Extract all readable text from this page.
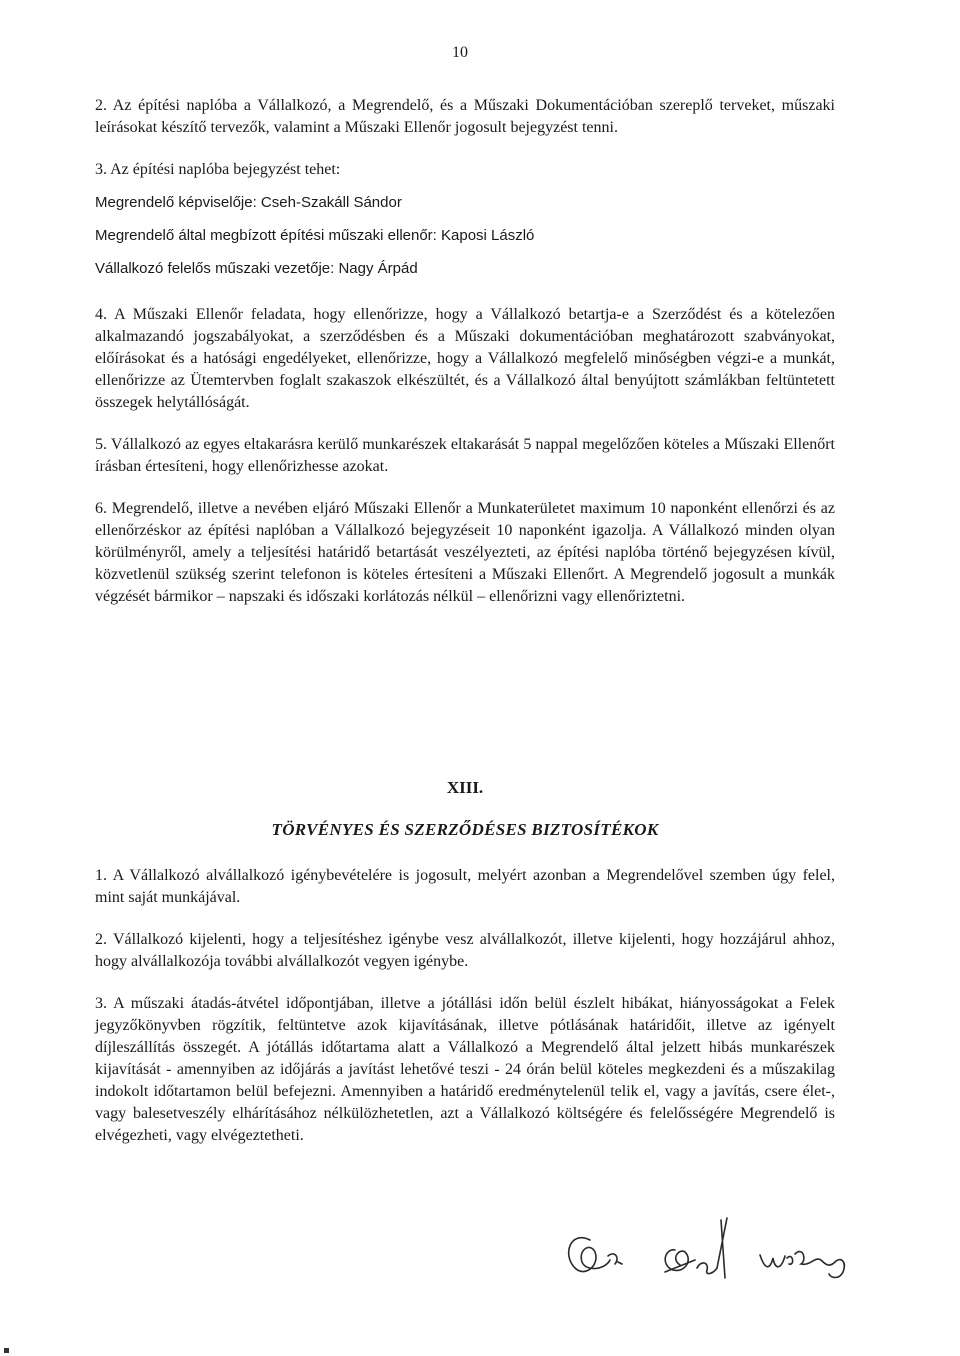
10

2. Az építési naplóba a Vállalkozó, a Megrendelő, és a Műszaki Dokumentációban szereplő terveket, műszaki leírásokat készítő tervezők, valamint a Műszaki Ellenőr jogosult bejegyzést tenni.

3. Az építési naplóba bejegyzést tehet:
Megrendelő képviselője: Cseh-Szakáll Sándor
Megrendelő által megbízott építési műszaki ellenőr: Kaposi László
Vállalkozó felelős műszaki vezetője: Nagy Árpád

4. A Műszaki Ellenőr feladata, hogy ellenőrizze, hogy a Vállalkozó betartja-e a Szerződést és a kötelezően alkalmazandó jogszabályokat, a szerződésben és a Műszaki dokumentációban meghatározott szabványokat, előírásokat és a hatósági engedélyeket, ellenőrizze, hogy a Vállalkozó megfelelő minőségben végzi-e a munkát, ellenőrizze az Ütemtervben foglalt szakaszok elkészültét, és a Vállalkozó által benyújtott számlákban feltüntetett összegek helytállóságát.

5. Vállalkozó az egyes eltakarásra kerülő munkarészek eltakarását 5 nappal megelőzően köteles a Műszaki Ellenőrt írásban értesíteni, hogy ellenőrizhesse azokat.

6. Megrendelő, illetve a nevében eljáró Műszaki Ellenőr a Munkaterületet maximum 10 naponként ellenőrzi és az ellenőrzéskor az építési naplóban a Vállalkozó bejegyzéseit 10 naponként igazolja. A Vállalkozó minden olyan körülményről, amely a teljesítési határidő betartását veszélyezteti, az építési naplóba történő bejegyzésen kívül, közvetlenül szükség szerint telefonon is köteles értesíteni a Műszaki Ellenőrt. A Megrendelő jogosult a munkák végzését bármikor – napszaki és időszaki korlátozás nélkül – ellenőrizni vagy ellenőriztetni.

XIII.
TÖRVÉNYES ÉS SZERZŐDÉSES BIZTOSÍTÉKOK

1. A Vállalkozó alvállalkozó igénybevételére is jogosult, melyért azonban a Megrendelővel szemben úgy felel, mint saját munkájával.

2. Vállalkozó kijelenti, hogy a teljesítéshez igénybe vesz alvállalkozót, illetve kijelenti, hogy hozzájárul ahhoz, hogy alvállalkozója további alvállalkozót vegyen igénybe.

3. A műszaki átadás-átvétel időpontjában, illetve a jótállási időn belül észlelt hibákat, hiányosságokat a Felek jegyzőkönyvben rögzítik, feltüntetve azok kijavításának, illetve pótlásának határidőit, illetve az igényelt díjleszállítás összegét. A jótállás időtartama alatt a Vállalkozó a Megrendelő által jelzett hibás munkarészek kijavítását - amennyiben az időjárás a javítást lehetővé teszi - 24 órán belül köteles megkezdeni és a műszakilag indokolt időtartamon belül befejezni. Amennyiben a határidő eredménytelenül telik el, vagy a javítás, csere élet-, vagy balesetveszély elhárításához nélkülözhetetlen, azt a Vállalkozó költségére és felelősségére Megrendelő is elvégezheti, vagy elvégeztetheti.
